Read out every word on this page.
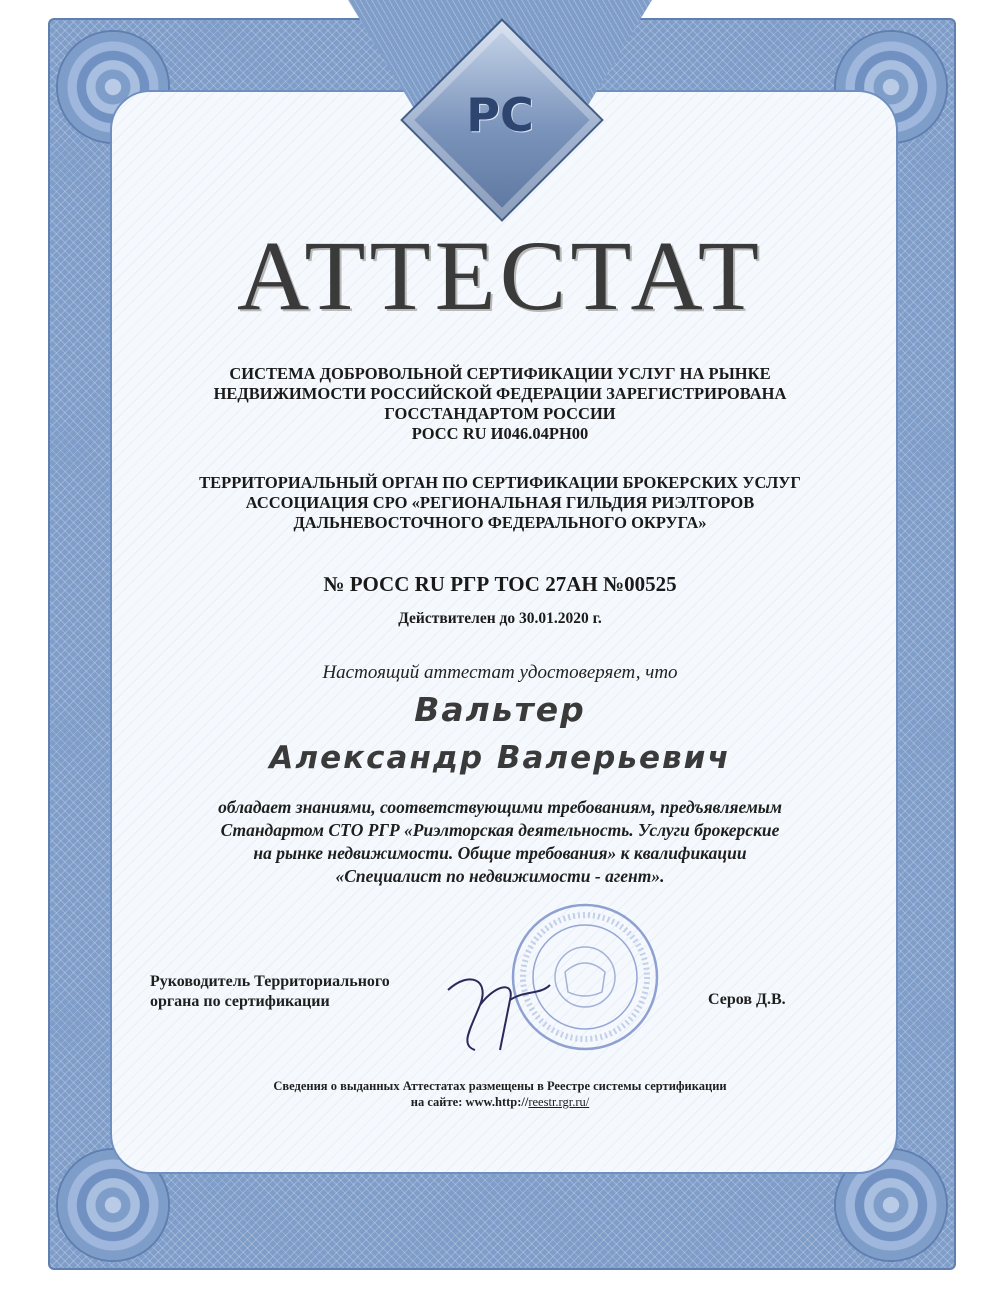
РС
АТТЕСТАТ
СИСТЕМА ДОБРОВОЛЬНОЙ СЕРТИФИКАЦИИ УСЛУГ НА РЫНКЕ
НЕДВИЖИМОСТИ РОССИЙСКОЙ ФЕДЕРАЦИИ ЗАРЕГИСТРИРОВАНА
ГОССТАНДАРТОМ РОССИИ
РОСС RU И046.04РН00
ТЕРРИТОРИАЛЬНЫЙ ОРГАН ПО СЕРТИФИКАЦИИ БРОКЕРСКИХ УСЛУГ
АССОЦИАЦИЯ СРО «РЕГИОНАЛЬНАЯ ГИЛЬДИЯ РИЭЛТОРОВ
ДАЛЬНЕВОСТОЧНОГО ФЕДЕРАЛЬНОГО ОКРУГА»
№ РОСС RU РГР ТОС 27АН №00525
Действителен до 30.01.2020 г.
Настоящий аттестат удостоверяет, что
Вальтер
Александр Валерьевич
обладает знаниями, соответствующими требованиям, предъявляемым
Стандартом СТО РГР «Риэлторская деятельность. Услуги брокерские
на рынке недвижимости. Общие требования» к квалификации
«Специалист по недвижимости - агент».
Руководитель Территориального
органа по сертификации	Серов Д.В.
Сведения о выданных Аттестатах размещены в Реестре системы сертификации
на сайте: www.http://reestr.rgr.ru/
